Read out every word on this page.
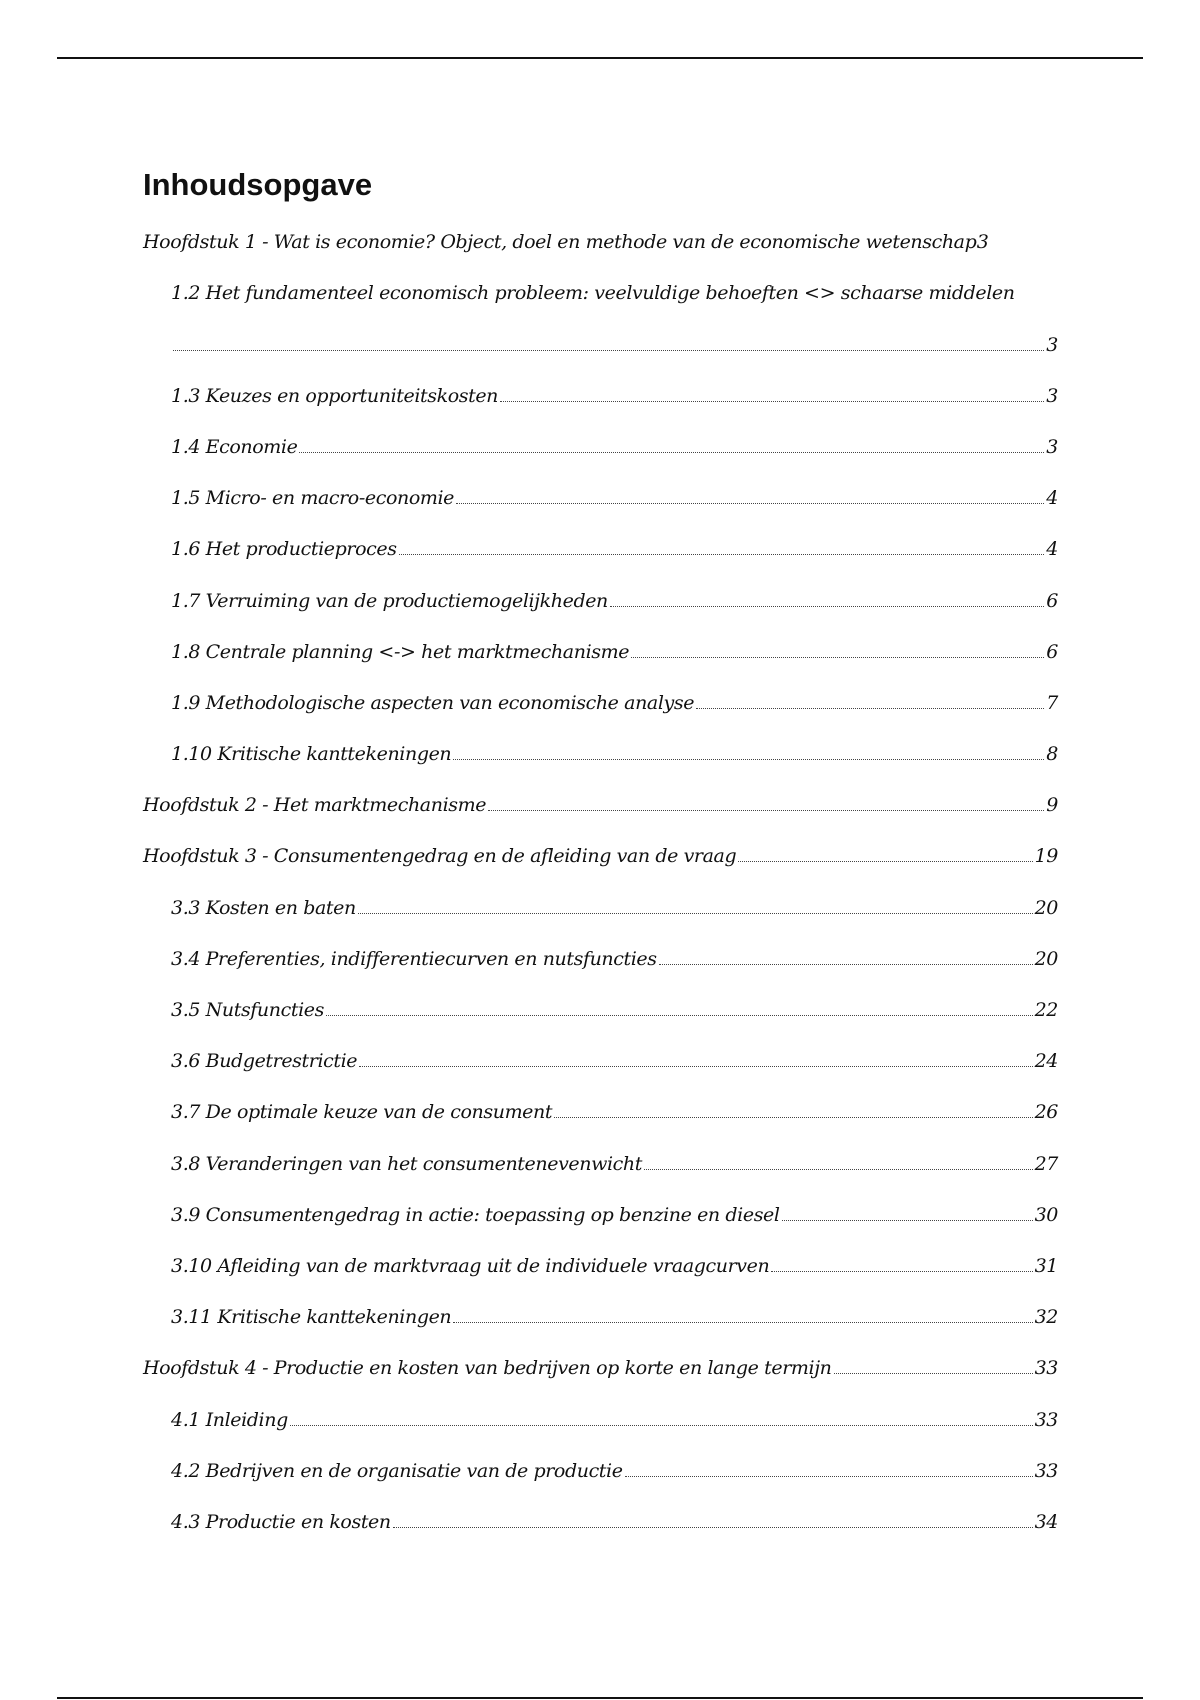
Inhoudsopgave
Hoofdstuk 1 - Wat is economie? Object, doel en methode van de economische wetenschap 3
1.2 Het fundamenteel economisch probleem: veelvuldige behoeften <> schaarse middelen
3
1.3 Keuzes en opportuniteitskosten	3
1.4 Economie	3
1.5 Micro- en macro-economie	4
1.6 Het productieproces	4
1.7 Verruiming van de productiemogelijkheden	6
1.8 Centrale planning <-> het marktmechanisme	6
1.9 Methodologische aspecten van economische analyse	7
1.10 Kritische kanttekeningen	8
Hoofdstuk 2 - Het marktmechanisme	9
Hoofdstuk 3 - Consumentengedrag en de afleiding van de vraag	19
3.3 Kosten en baten	20
3.4 Preferenties, indifferentiecurven en nutsfuncties	20
3.5 Nutsfuncties	22
3.6 Budgetrestrictie	24
3.7 De optimale keuze van de consument	26
3.8 Veranderingen van het consumentenevenwicht	27
3.9 Consumentengedrag in actie: toepassing op benzine en diesel	30
3.10 Afleiding van de marktvraag uit de individuele vraagcurven	31
3.11 Kritische kanttekeningen	32
Hoofdstuk 4 - Productie en kosten van bedrijven op korte en lange termijn	33
4.1 Inleiding	33
4.2 Bedrijven en de organisatie van de productie	33
4.3 Productie en kosten	34
